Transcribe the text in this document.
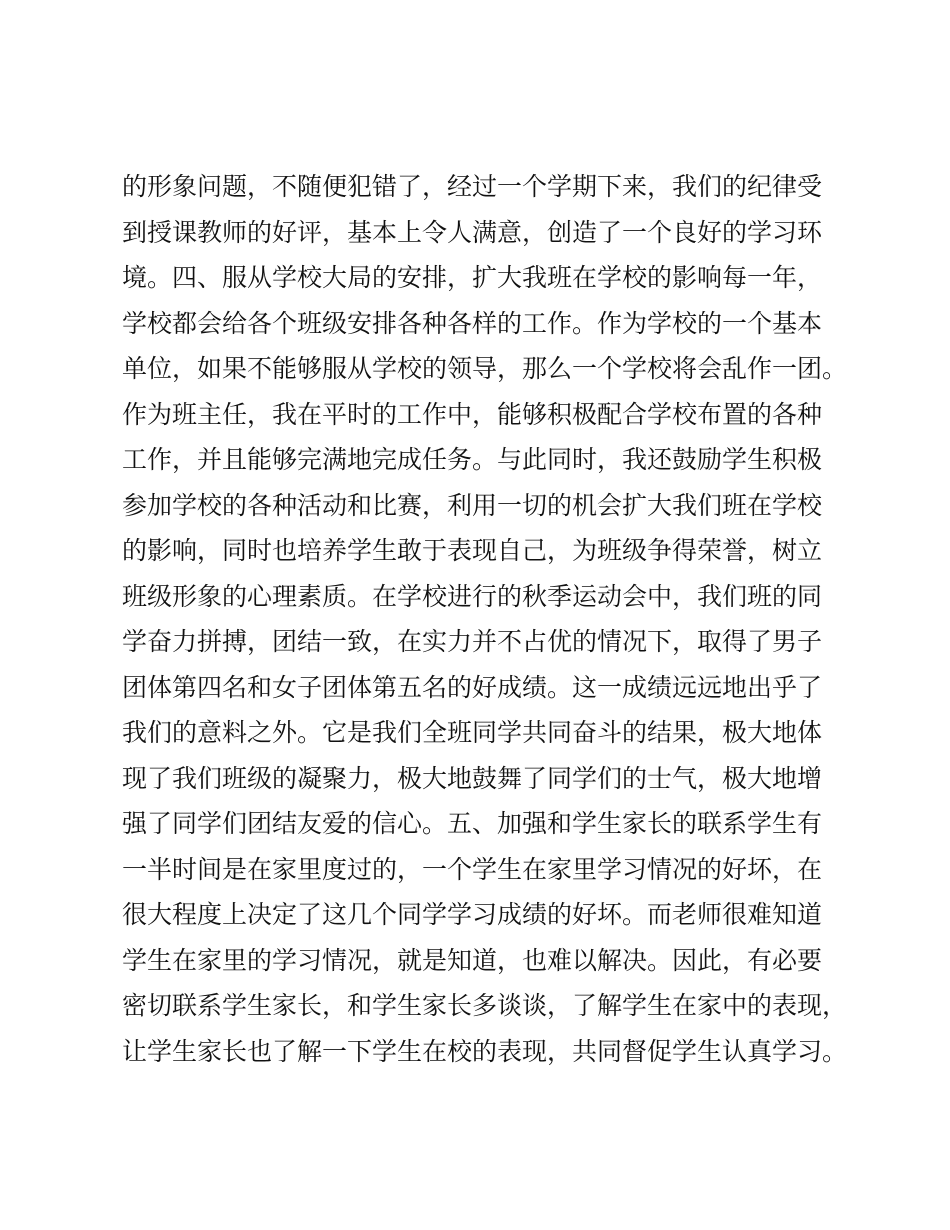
的形象问题，不随便犯错了，经过一个学期下来，我们的纪律受
到授课教师的好评，基本上令人满意，创造了一个良好的学习环
境。四、服从学校大局的安排，扩大我班在学校的影响每一年，
学校都会给各个班级安排各种各样的工作。作为学校的一个基本
单位，如果不能够服从学校的领导，那么一个学校将会乱作一团。
作为班主任，我在平时的工作中，能够积极配合学校布置的各种
工作，并且能够完满地完成任务。与此同时，我还鼓励学生积极
参加学校的各种活动和比赛，利用一切的机会扩大我们班在学校
的影响，同时也培养学生敢于表现自己，为班级争得荣誉，树立
班级形象的心理素质。在学校进行的秋季运动会中，我们班的同
学奋力拼搏，团结一致，在实力并不占优的情况下，取得了男子
团体第四名和女子团体第五名的好成绩。这一成绩远远地出乎了
我们的意料之外。它是我们全班同学共同奋斗的结果，极大地体
现了我们班级的凝聚力，极大地鼓舞了同学们的士气，极大地增
强了同学们团结友爱的信心。五、加强和学生家长的联系学生有
一半时间是在家里度过的，一个学生在家里学习情况的好坏，在
很大程度上决定了这几个同学学习成绩的好坏。而老师很难知道
学生在家里的学习情况，就是知道，也难以解决。因此，有必要
密切联系学生家长，和学生家长多谈谈，了解学生在家中的表现，
让学生家长也了解一下学生在校的表现，共同督促学生认真学习。
